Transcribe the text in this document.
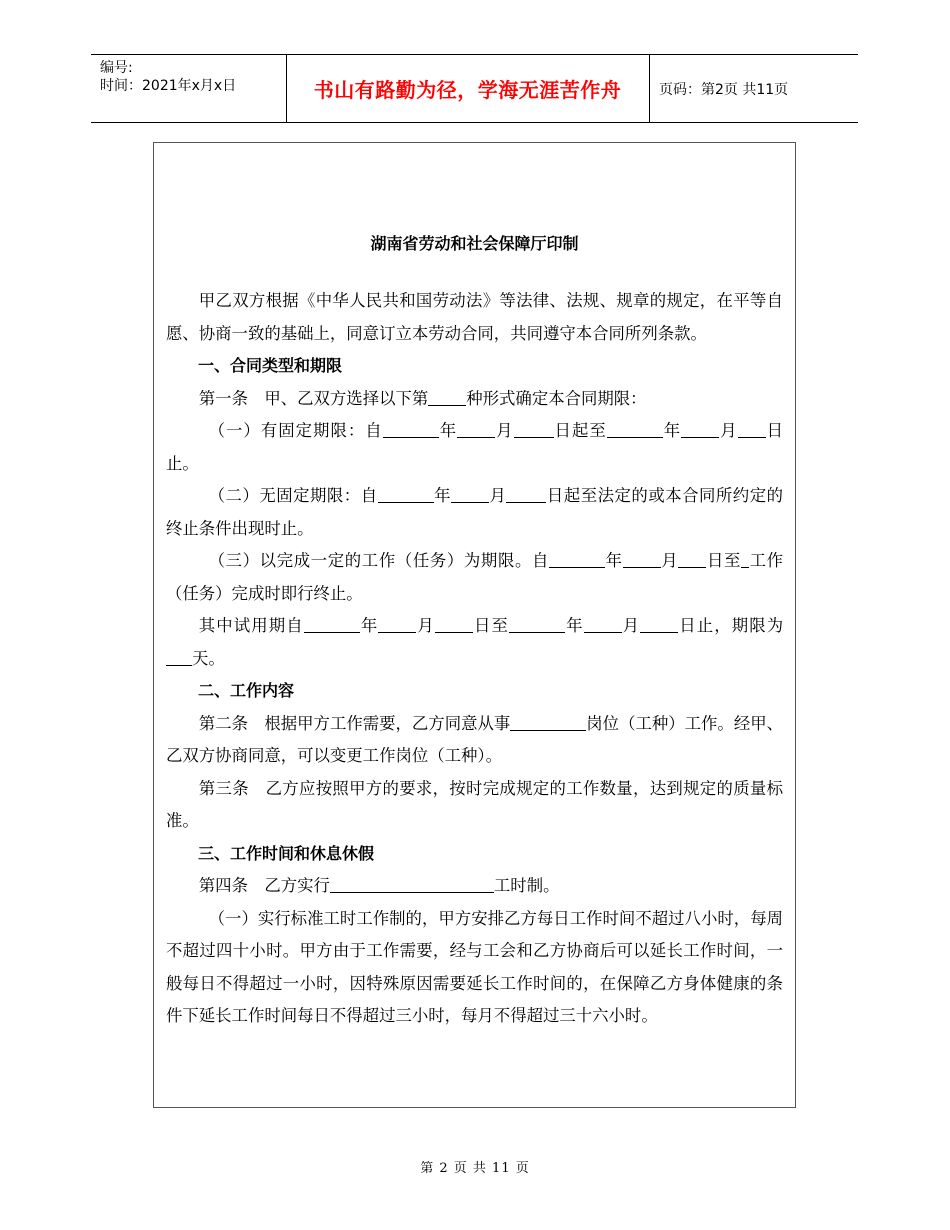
编号:
时间：2021年x月x日	书山有路勤为径，学海无涯苦作舟	页码：第2页 共11页
湖南省劳动和社会保障厅印制

甲乙双方根据《中华人民共和国劳动法》等法律、法规、规章的规定，在平等自愿、协商一致的基础上，同意订立本劳动合同，共同遵守本合同所列条款。

一、合同类型和期限

第一条　甲、乙双方选择以下第 种形式确定本合同期限：

（一）有固定期限：自	年 月 日起至	年 月 日止。

（二）无固定期限：自	年 月 日起至法定的或本合同所约定的终止条件出现时止。

（三）以完成一定的工作（任务）为期限。自	年 月 日至 工作（任务）完成时即行终止。

其中试用期自	年 月 日至	年 月 日止，期限为天。

二、工作内容

第二条　根据甲方工作需要，乙方同意从事	岗位（工种）工作。经甲、乙双方协商同意，可以变更工作岗位（工种）。

第三条　乙方应按照甲方的要求，按时完成规定的工作数量，达到规定的质量标准。

三、工作时间和休息休假

第四条　乙方实行	工时制。

（一）实行标准工时工作制的，甲方安排乙方每日工作时间不超过八小时，每周不超过四十小时。甲方由于工作需要，经与工会和乙方协商后可以延长工作时间，一般每日不得超过一小时，因特殊原因需要延长工作时间的，在保障乙方身体健康的条件下延长工作时间每日不得超过三小时，每月不得超过三十六小时。

第 2 页 共 11 页
